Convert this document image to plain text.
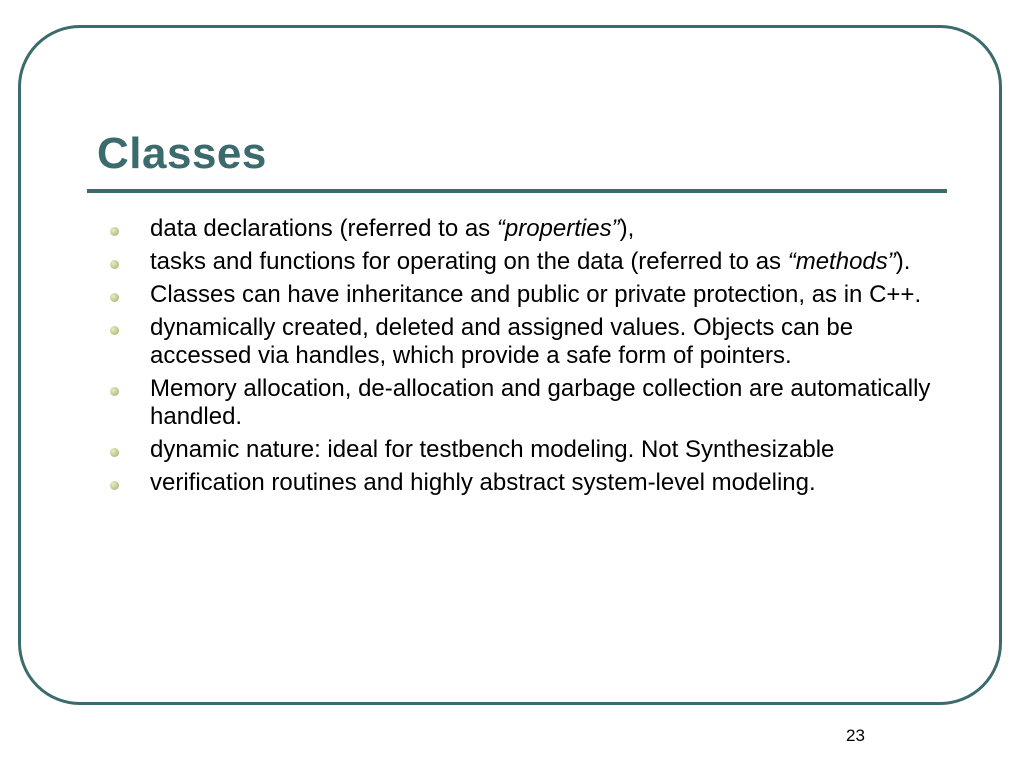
Classes
data declarations (referred to as “properties”),
tasks and functions for operating on the data (referred to as “methods”).
Classes can have inheritance and public or private protection, as in C++.
dynamically created, deleted and assigned values. Objects can be accessed via handles, which provide a safe form of pointers.
Memory allocation, de-allocation and garbage collection are automatically handled.
dynamic nature: ideal for testbench modeling. Not Synthesizable
verification routines and highly abstract system-level modeling.
23
